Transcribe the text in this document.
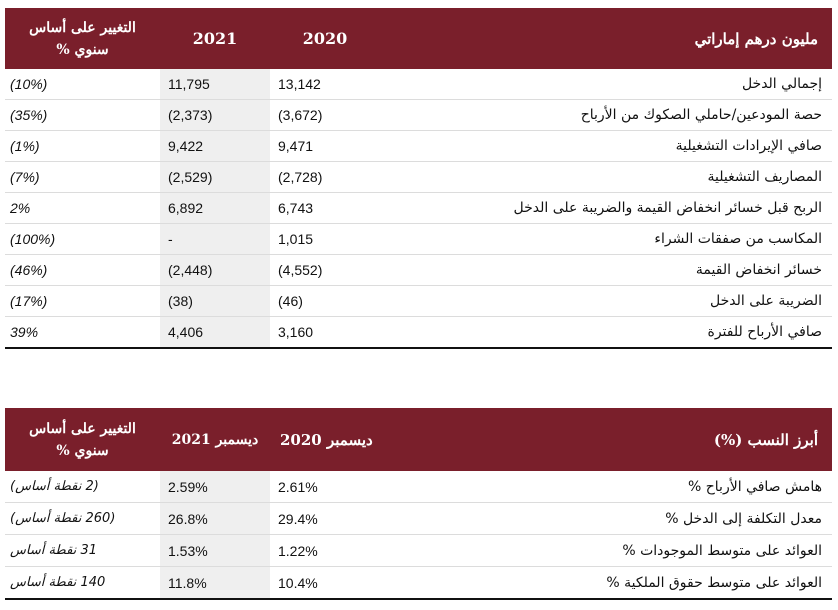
التغيير على أساس سنوي %	2021	2020	مليون درهم إماراتي
(10%)	11,795	13,142	إجمالي الدخل
(35%)	(2,373)	(3,672)	حصة المودعين/حاملي الصكوك من الأرباح
(1%)	9,422	9,471	صافي الإيرادات التشغيلية
(7%)	(2,529)	(2,728)	المصاريف التشغيلية
2%	6,892	6,743	الربح قبل خسائر انخفاض القيمة والضريبة على الدخل
(100%)	-	1,015	المكاسب من صفقات الشراء
(46%)	(2,448)	(4,552)	خسائر انخفاض القيمة
(17%)	(38)	(46)	الضريبة على الدخل
39%	4,406	3,160	صافي الأرباح للفترة
التغيير على أساس سنوي %	ديسمبر 2021	ديسمبر 2020	أبرز النسب (%)
(2 نقطة أساس)	2.59%	2.61%	هامش صافي الأرباح %
(260 نقطة أساس)	26.8%	29.4%	معدل التكلفة إلى الدخل %
31 نقطة أساس	1.53%	1.22%	العوائد على متوسط الموجودات %
140 نقطة أساس	11.8%	10.4%	العوائد على متوسط حقوق الملكية %
